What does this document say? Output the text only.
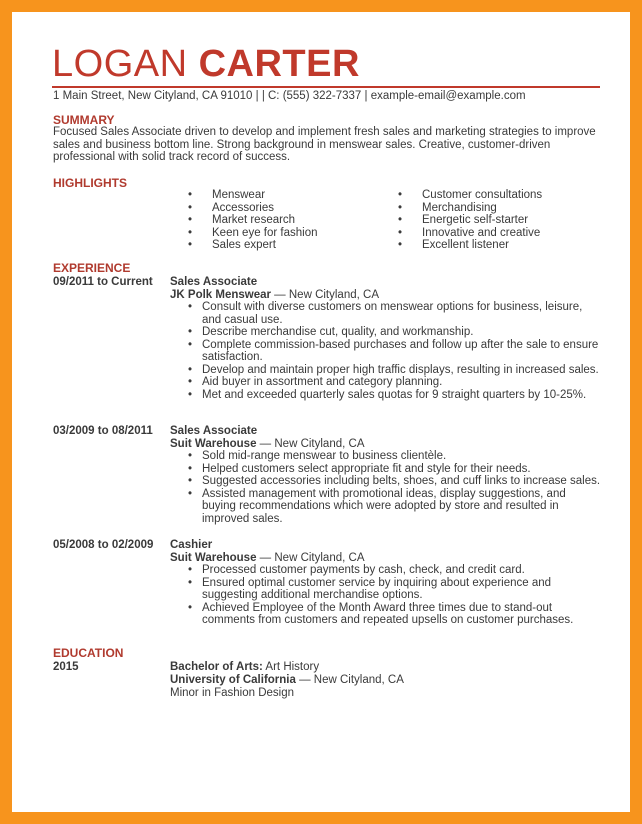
LOGAN CARTER
1 Main Street, New Cityland, CA 91010 | | C: (555) 322-7337 | example-email@example.com
SUMMARY
Focused Sales Associate driven to develop and implement fresh sales and marketing strategies to improve sales and business bottom line. Strong background in menswear sales. Creative, customer-driven professional with solid track record of success.
HIGHLIGHTS
• Menswear
• Accessories
• Market research
• Keen eye for fashion
• Sales expert
• Customer consultations
• Merchandising
• Energetic self-starter
• Innovative and creative
• Excellent listener
EXPERIENCE
09/2011 to Current Sales Associate
JK Polk Menswear — New Cityland, CA
• Consult with diverse customers on menswear options for business, leisure, and casual use.
• Describe merchandise cut, quality, and workmanship.
• Complete commission-based purchases and follow up after the sale to ensure satisfaction.
• Develop and maintain proper high traffic displays, resulting in increased sales.
• Aid buyer in assortment and category planning.
• Met and exceeded quarterly sales quotas for 9 straight quarters by 10-25%.
03/2009 to 08/2011 Sales Associate
Suit Warehouse — New Cityland, CA
• Sold mid-range menswear to business clientèle.
• Helped customers select appropriate fit and style for their needs.
• Suggested accessories including belts, shoes, and cuff links to increase sales.
• Assisted management with promotional ideas, display suggestions, and buying recommendations which were adopted by store and resulted in improved sales.
05/2008 to 02/2009 Cashier
Suit Warehouse — New Cityland, CA
• Processed customer payments by cash, check, and credit card.
• Ensured optimal customer service by inquiring about experience and suggesting additional merchandise options.
• Achieved Employee of the Month Award three times due to stand-out comments from customers and repeated upsells on customer purchases.
EDUCATION
2015	Bachelor of Arts: Art History
University of California — New Cityland, CA
Minor in Fashion Design
